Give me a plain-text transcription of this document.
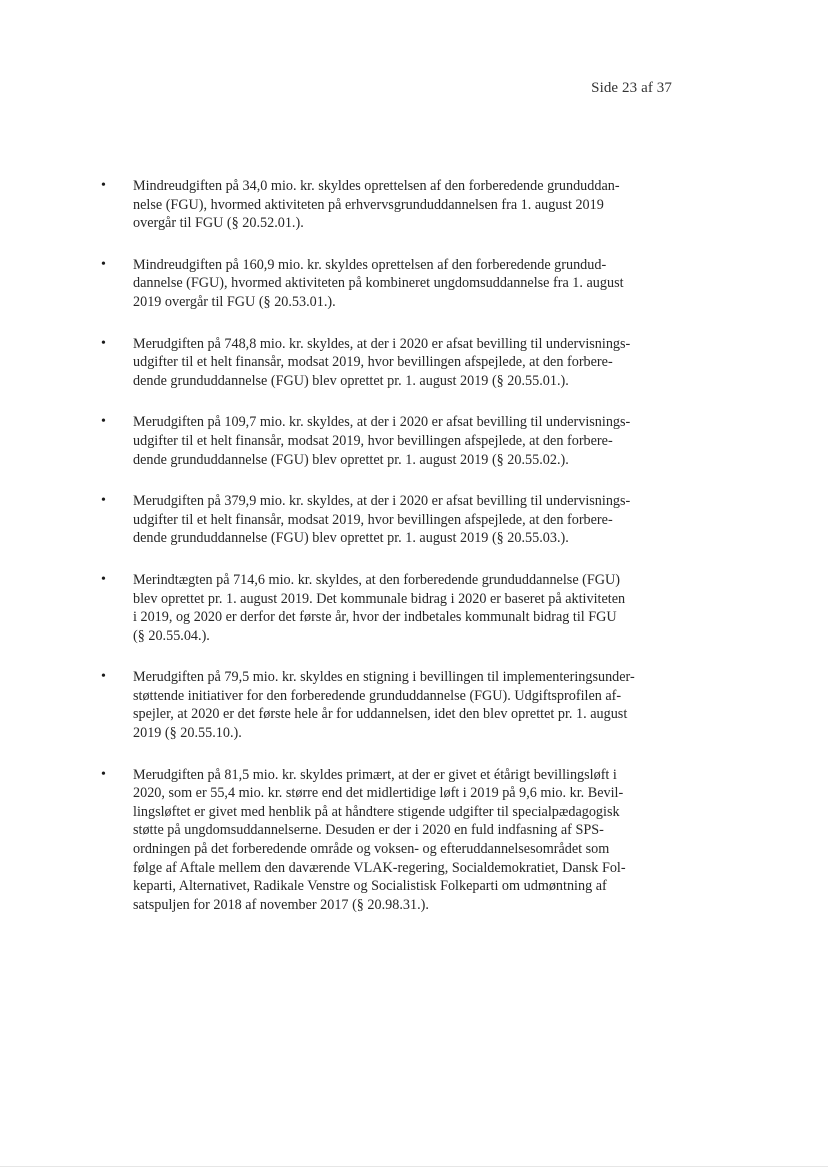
Side 23 af 37
• Mindreudgiften på 34,0 mio. kr. skyldes oprettelsen af den forberedende grunduddan-
nelse (FGU), hvormed aktiviteten på erhvervsgrunduddannelsen fra 1. august 2019
overgår til FGU (§ 20.52.01.).
• Mindreudgiften på 160,9 mio. kr. skyldes oprettelsen af den forberedende grundud-
dannelse (FGU), hvormed aktiviteten på kombineret ungdomsuddannelse fra 1. august
2019 overgår til FGU (§ 20.53.01.).
• Merudgiften på 748,8 mio. kr. skyldes, at der i 2020 er afsat bevilling til undervisnings-
udgifter til et helt finansår, modsat 2019, hvor bevillingen afspejlede, at den forbere-
dende grunduddannelse (FGU) blev oprettet pr. 1. august 2019 (§ 20.55.01.).
• Merudgiften på 109,7 mio. kr. skyldes, at der i 2020 er afsat bevilling til undervisnings-
udgifter til et helt finansår, modsat 2019, hvor bevillingen afspejlede, at den forbere-
dende grunduddannelse (FGU) blev oprettet pr. 1. august 2019 (§ 20.55.02.).
• Merudgiften på 379,9 mio. kr. skyldes, at der i 2020 er afsat bevilling til undervisnings-
udgifter til et helt finansår, modsat 2019, hvor bevillingen afspejlede, at den forbere-
dende grunduddannelse (FGU) blev oprettet pr. 1. august 2019 (§ 20.55.03.).
• Merindtægten på 714,6 mio. kr. skyldes, at den forberedende grunduddannelse (FGU)
blev oprettet pr. 1. august 2019. Det kommunale bidrag i 2020 er baseret på aktiviteten
i 2019, og 2020 er derfor det første år, hvor der indbetales kommunalt bidrag til FGU
(§ 20.55.04.).
• Merudgiften på 79,5 mio. kr. skyldes en stigning i bevillingen til implementeringsunder-
støttende initiativer for den forberedende grunduddannelse (FGU). Udgiftsprofilen af-
spejler, at 2020 er det første hele år for uddannelsen, idet den blev oprettet pr. 1. august
2019 (§ 20.55.10.).
• Merudgiften på 81,5 mio. kr. skyldes primært, at der er givet et étårigt bevillingsløft i
2020, som er 55,4 mio. kr. større end det midlertidige løft i 2019 på 9,6 mio. kr. Bevil-
lingsløftet er givet med henblik på at håndtere stigende udgifter til specialpædagogisk
støtte på ungdomsuddannelserne. Desuden er der i 2020 en fuld indfasning af SPS-
ordningen på det forberedende område og voksen- og efteruddannelsesområdet som
følge af Aftale mellem den daværende VLAK-regering, Socialdemokratiet, Dansk Fol-
keparti, Alternativet, Radikale Venstre og Socialistisk Folkeparti om udmøntning af
satspuljen for 2018 af november 2017 (§ 20.98.31.).
